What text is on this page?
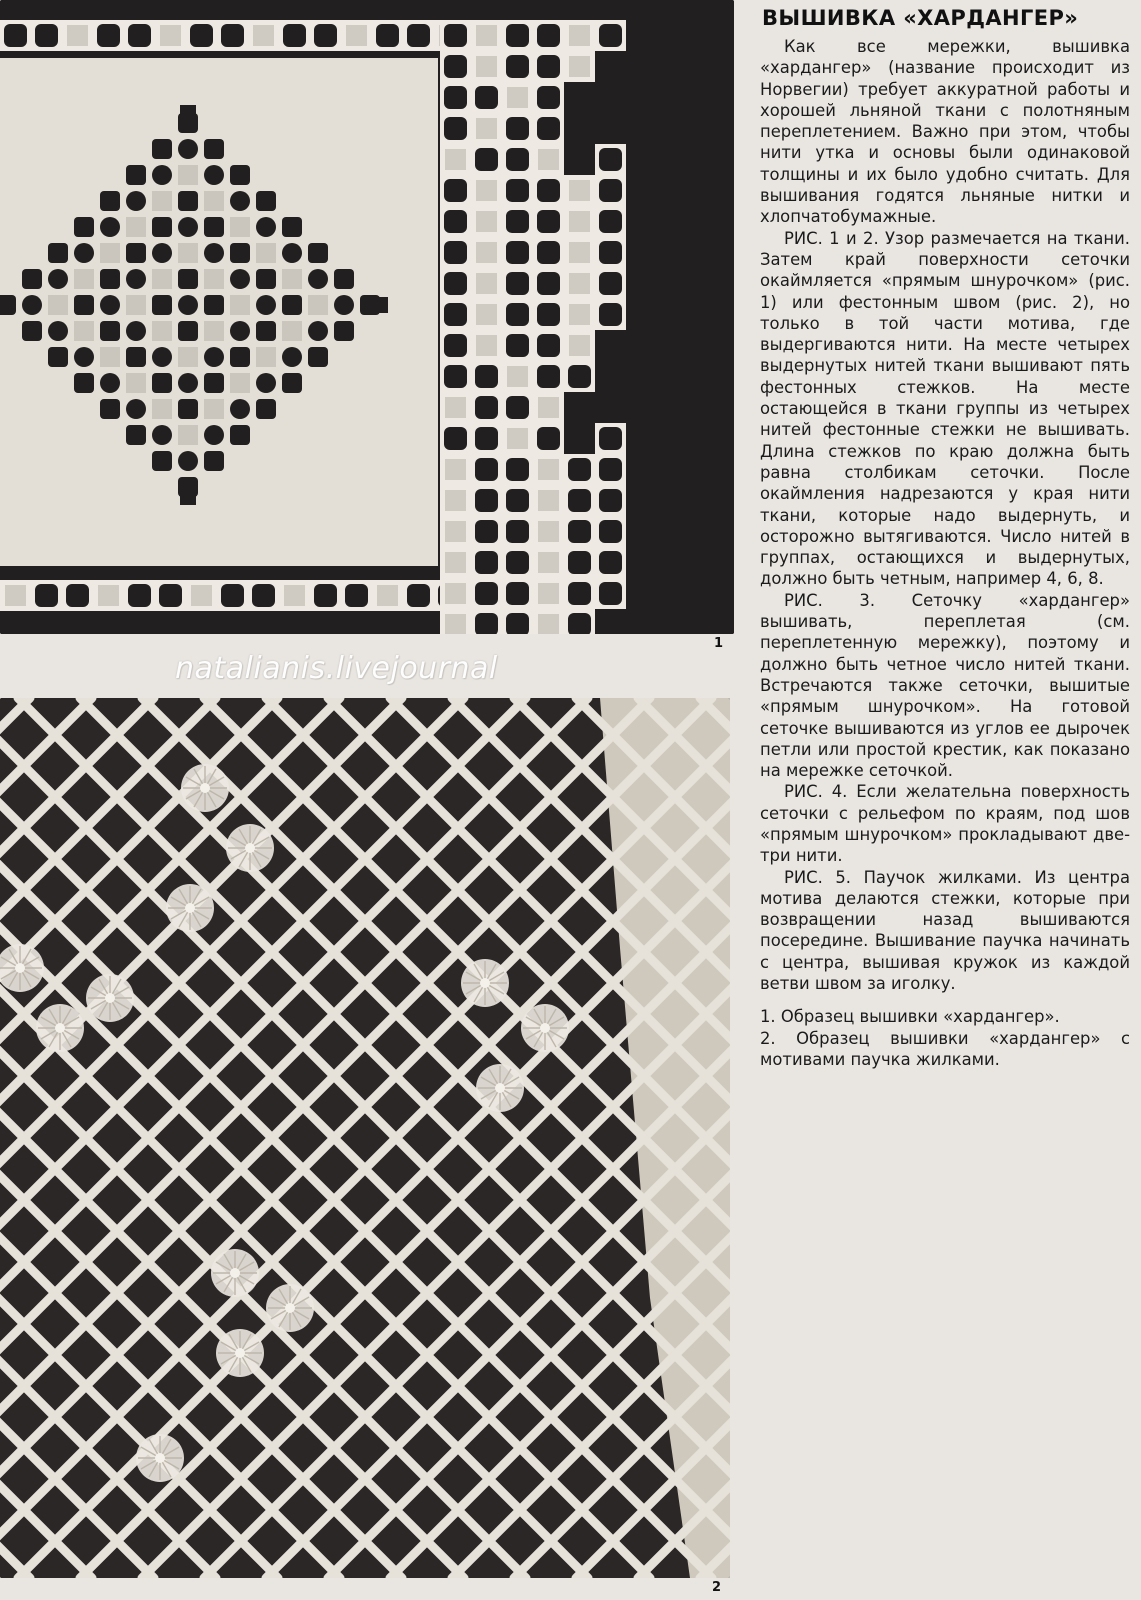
1
natalianis.livejournal
2
ВЫШИВКА «ХАРДАНГЕР»

Как все мережки, вышивка «хардангер» (название происходит из Норвегии) требует аккуратной работы и хорошей льняной ткани с полотняным переплетением. Важно при этом, чтобы нити утка и основы были одинаковой толщины и их было удобно считать. Для вышивания годятся льняные нитки и хлопчатобумажные.

РИС. 1 и 2. Узор размечается на ткани. Затем край поверхности сеточки окаймляется «прямым шнурочком» (рис. 1) или фестонным швом (рис. 2), но только в той части мотива, где выдергиваются нити. На месте четырех выдернутых нитей ткани вышивают пять фестонных стежков. На месте остающейся в ткани группы из четырех нитей фестонные стежки не вышивать. Длина стежков по краю должна быть равна столбикам сеточки. После окаймления надрезаются у края нити ткани, которые надо выдернуть, и осторожно вытягиваются. Число нитей в группах, остающихся и выдернутых, должно быть четным, например 4, 6, 8.

РИС. 3. Сеточку «хардангер» вышивать, переплетая (см. переплетенную мережку), поэтому и должно быть четное число нитей ткани. Встречаются также сеточки, вышитые «прямым шнурочком». На готовой сеточке вышиваются из углов ее дырочек петли или простой крестик, как показано на мережке сеточкой.

РИС. 4. Если желательна поверхность сеточки с рельефом по краям, под шов «прямым шнурочком» прокладывают две-три нити.

РИС. 5. Паучок жилками. Из центра мотива делаются стежки, которые при возвращении назад вышиваются посередине. Вышивание паучка начинать с центра, вышивая кружок из каждой ветви швом за иголку.

1. Образец вышивки «хардангер».

2. Образец вышивки «хардангер» с мотивами паучка жилками.
